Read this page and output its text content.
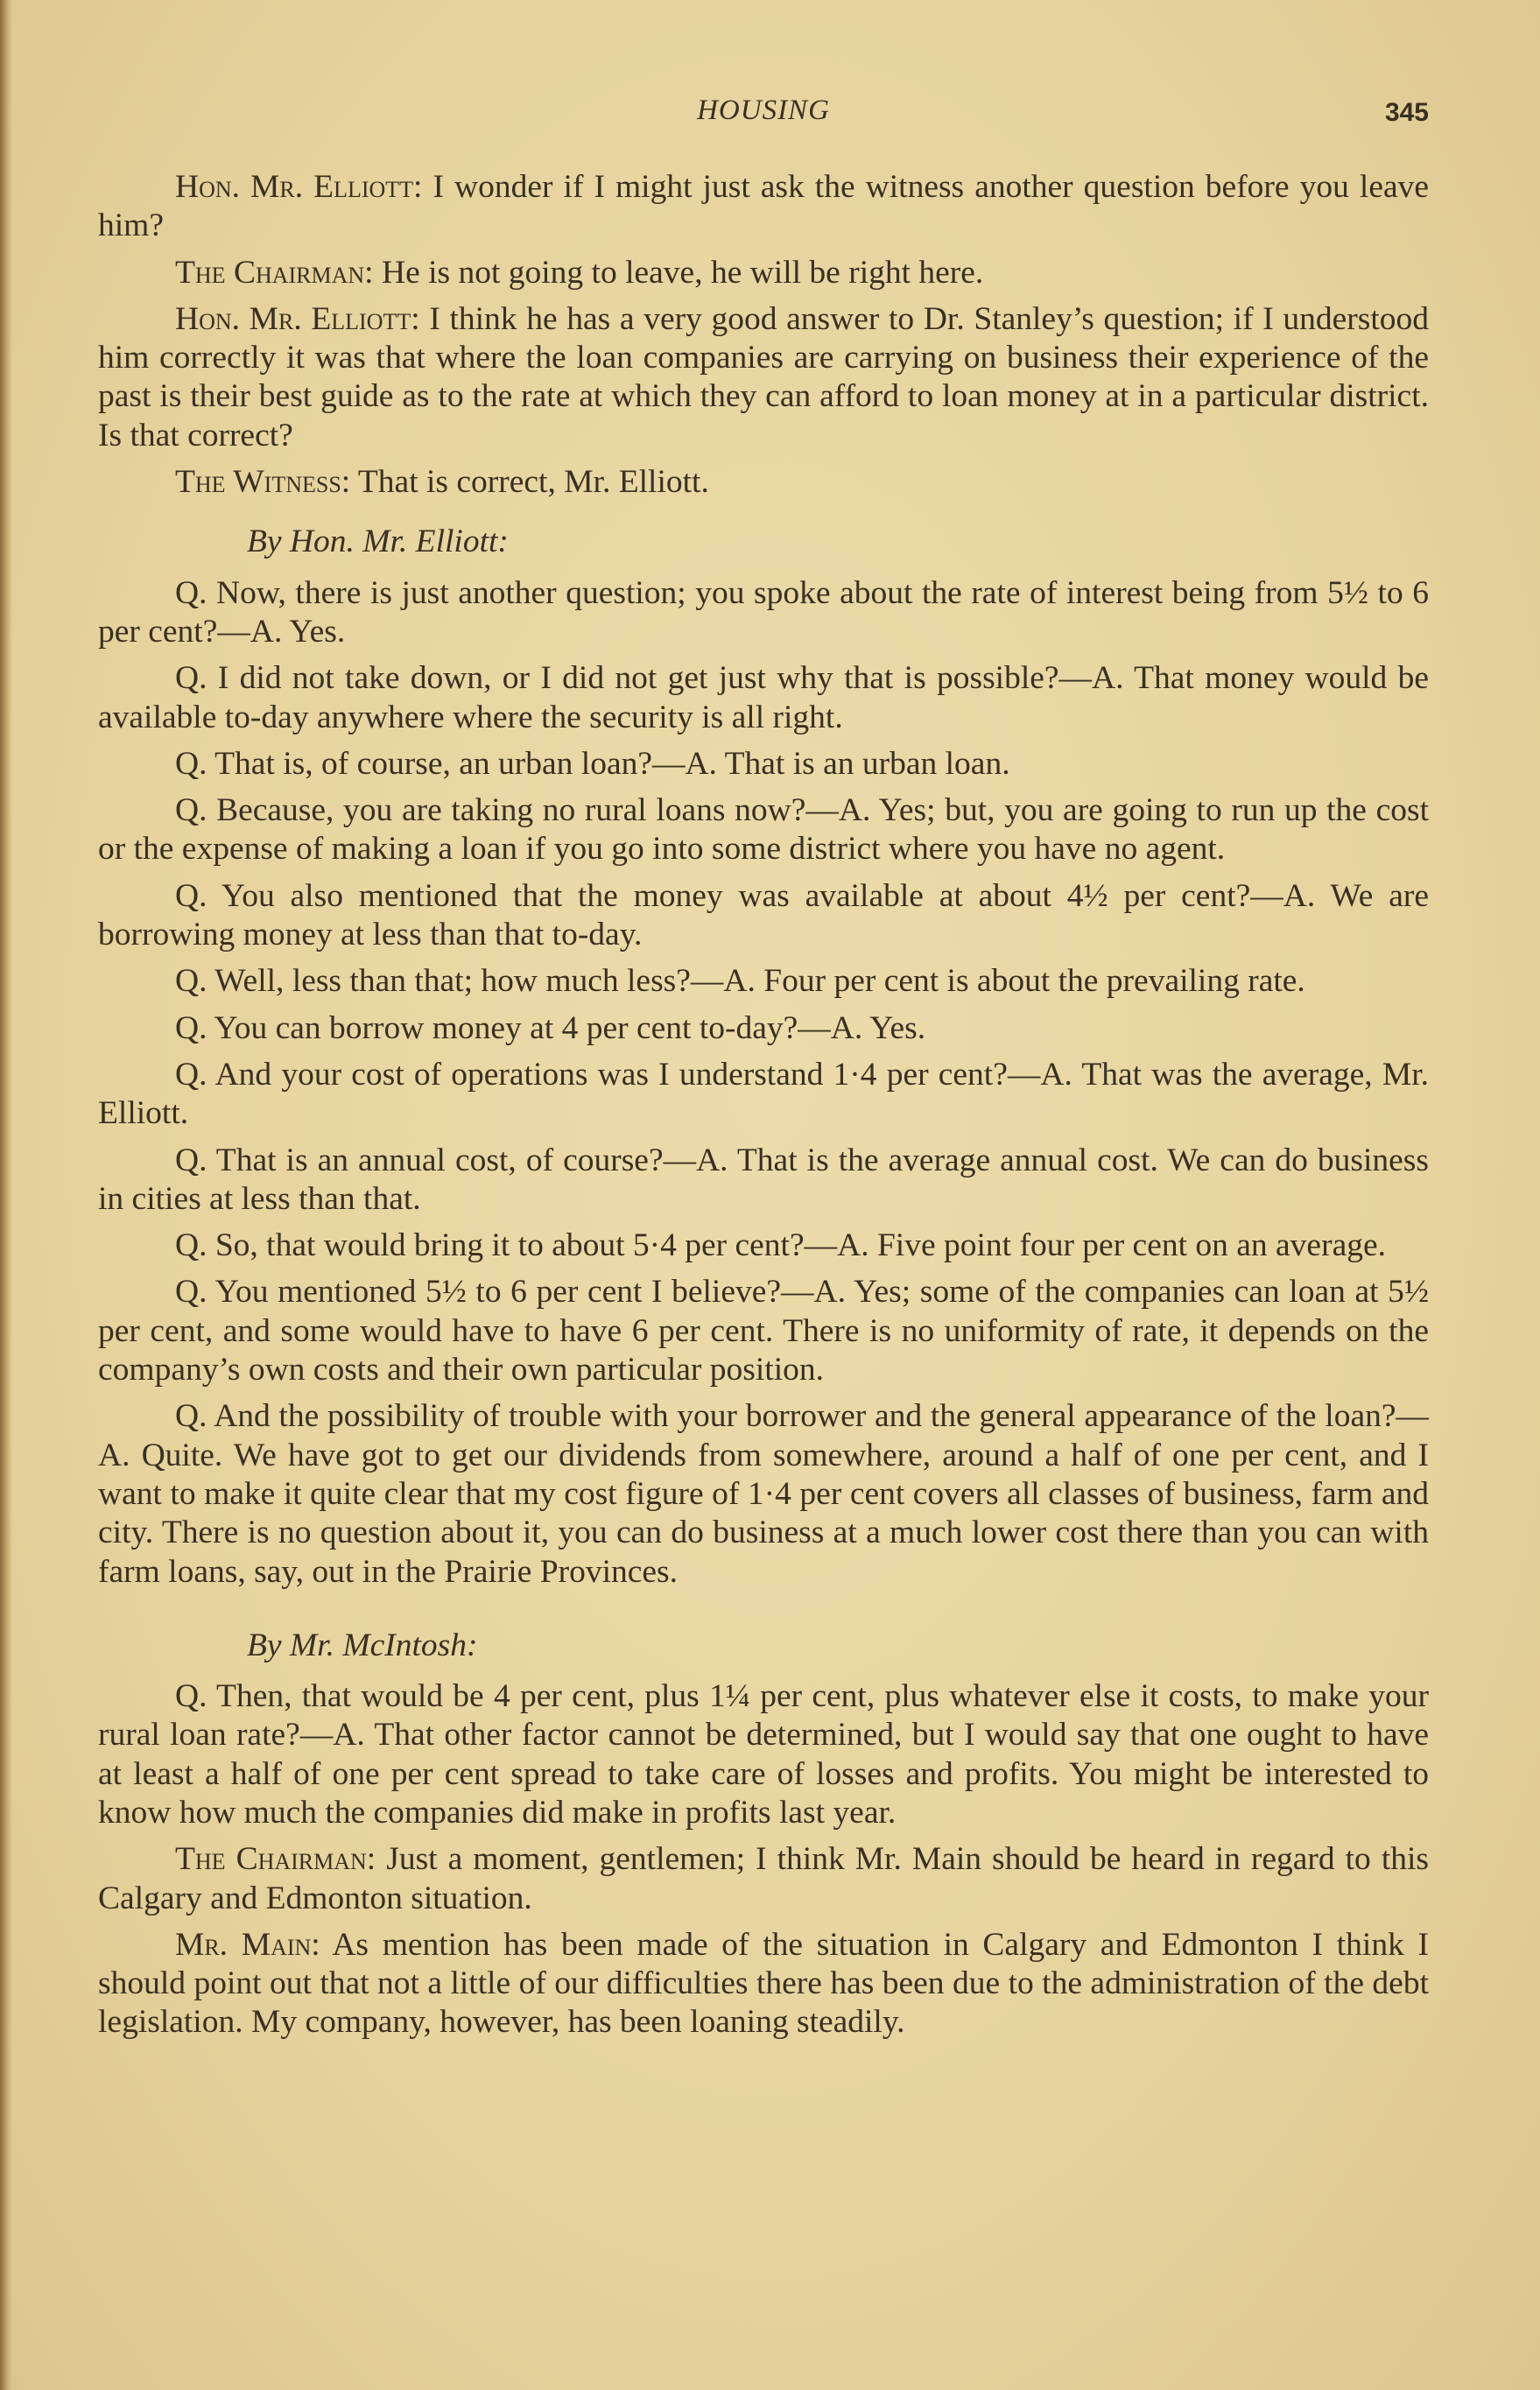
HOUSING	345

Hon. Mr. Elliott: I wonder if I might just ask the witness another question before you leave him?

The Chairman: He is not going to leave, he will be right here.

Hon. Mr. Elliott: I think he has a very good answer to Dr. Stanley’s question; if I understood him correctly it was that where the loan companies are carrying on business their experience of the past is their best guide as to the rate at which they can afford to loan money at in a particular district. Is that correct?

The Witness: That is correct, Mr. Elliott.

By Hon. Mr. Elliott:

Q. Now, there is just another question; you spoke about the rate of interest being from 5½ to 6 per cent?—A. Yes.

Q. I did not take down, or I did not get just why that is possible?—A. That money would be available to-day anywhere where the security is all right.

Q. That is, of course, an urban loan?—A. That is an urban loan.

Q. Because, you are taking no rural loans now?—A. Yes; but, you are going to run up the cost or the expense of making a loan if you go into some district where you have no agent.

Q. You also mentioned that the money was available at about 4½ per cent?—A. We are borrowing money at less than that to-day.

Q. Well, less than that; how much less?—A. Four per cent is about the prevailing rate.

Q. You can borrow money at 4 per cent to-day?—A. Yes.

Q. And your cost of operations was I understand 1·4 per cent?—A. That was the average, Mr. Elliott.

Q. That is an annual cost, of course?—A. That is the average annual cost. We can do business in cities at less than that.

Q. So, that would bring it to about 5·4 per cent?—A. Five point four per cent on an average.

Q. You mentioned 5½ to 6 per cent I believe?—A. Yes; some of the companies can loan at 5½ per cent, and some would have to have 6 per cent. There is no uniformity of rate, it depends on the company’s own costs and their own particular position.

Q. And the possibility of trouble with your borrower and the general appearance of the loan?—A. Quite. We have got to get our dividends from somewhere, around a half of one per cent, and I want to make it quite clear that my cost figure of 1·4 per cent covers all classes of business, farm and city. There is no question about it, you can do business at a much lower cost there than you can with farm loans, say, out in the Prairie Provinces.

By Mr. McIntosh:

Q. Then, that would be 4 per cent, plus 1¼ per cent, plus whatever else it costs, to make your rural loan rate?—A. That other factor cannot be determined, but I would say that one ought to have at least a half of one per cent spread to take care of losses and profits. You might be interested to know how much the companies did make in profits last year.

The Chairman: Just a moment, gentlemen; I think Mr. Main should be heard in regard to this Calgary and Edmonton situation.

Mr. Main: As mention has been made of the situation in Calgary and Edmonton I think I should point out that not a little of our difficulties there has been due to the administration of the debt legislation. My company, however, has been loaning steadily.
